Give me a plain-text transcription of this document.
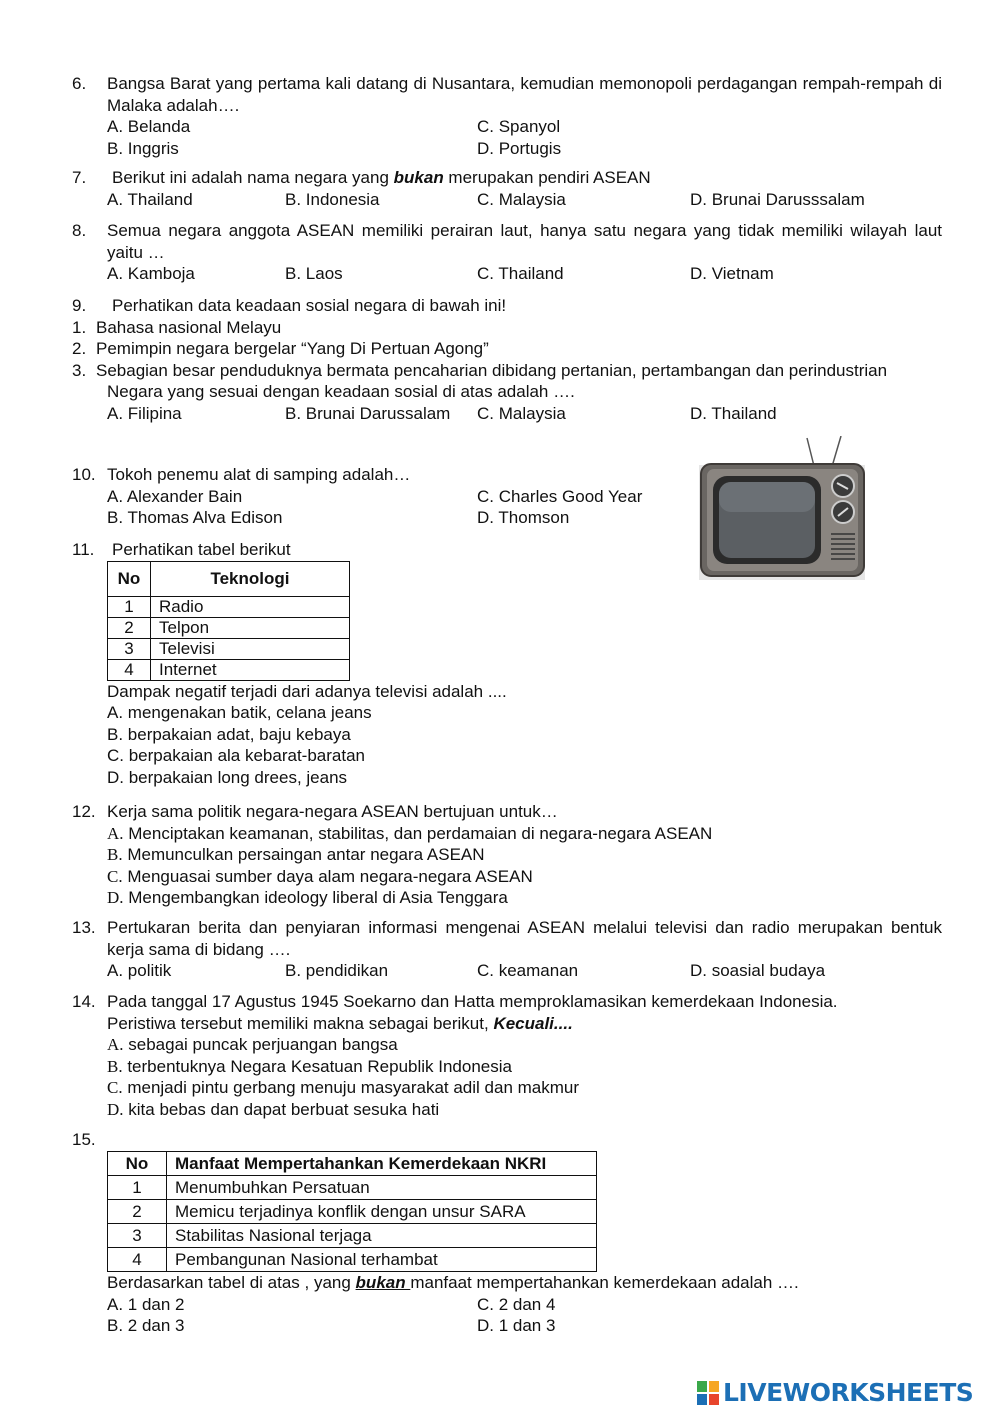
6. Bangsa Barat yang pertama kali datang di Nusantara, kemudian memonopoli perdagangan rempah-rempah di Malaka adalah….
A. Belanda
B. Inggris
C. Spanyol
D. Portugis
7. Berikut ini adalah nama negara yang bukan merupakan pendiri ASEAN
A. Thailand	B. Indonesia	C. Malaysia	D. Brunai Darusssalam
8. Semua negara anggota ASEAN memiliki perairan laut, hanya satu negara yang tidak memiliki wilayah laut yaitu …
A. Kamboja	B. Laos	C. Thailand	D. Vietnam
9. Perhatikan data keadaan sosial negara di bawah ini!
1. Bahasa nasional Melayu
2. Pemimpin negara bergelar “Yang Di Pertuan Agong”
3. Sebagian besar penduduknya bermata pencaharian dibidang pertanian, pertambangan dan perindustrian
Negara yang sesuai dengan keadaan sosial di atas adalah ….
A. Filipina	B. Brunai Darussalam C. Malaysia	D. Thailand
10. Tokoh penemu alat di samping adalah…
A. Alexander Bain
B. Thomas Alva Edison
C. Charles Good Year
D. Thomson
11. Perhatikan tabel berikut
No	Teknologi
1	Radio
2	Telpon
3	Televisi
4	Internet
Dampak negatif terjadi dari adanya televisi adalah ....
A. mengenakan batik, celana jeans
B. berpakaian adat, baju kebaya
C. berpakaian ala kebarat-baratan
D. berpakaian long drees, jeans
12. Kerja sama politik negara-negara ASEAN bertujuan untuk…
A. Menciptakan keamanan, stabilitas, dan perdamaian di negara-negara ASEAN
B. Memunculkan persaingan antar negara ASEAN
C. Menguasai sumber daya alam negara-negara ASEAN
D. Mengembangkan ideology liberal di Asia Tenggara
13. Pertukaran berita dan penyiaran informasi mengenai ASEAN melalui televisi dan radio merupakan bentuk kerja sama di bidang ….
A. politik	B. pendidikan	C. keamanan	D. soasial budaya
14. Pada tanggal 17 Agustus 1945 Soekarno dan Hatta memproklamasikan kemerdekaan Indonesia.
Peristiwa tersebut memiliki makna sebagai berikut, Kecuali....
A. sebagai puncak perjuangan bangsa
B. terbentuknya Negara Kesatuan Republik Indonesia
C. menjadi pintu gerbang menuju masyarakat adil dan makmur
D. kita bebas dan dapat berbuat sesuka hati
15.
No	Manfaat Mempertahankan Kemerdekaan NKRI
1	Menumbuhkan Persatuan
2	Memicu terjadinya konflik dengan unsur SARA
3	Stabilitas Nasional terjaga
4	Pembangunan Nasional terhambat
Berdasarkan tabel di atas , yang bukan manfaat mempertahankan kemerdekaan adalah ….
A. 1 dan 2
B. 2 dan 3
C. 2 dan 4
D. 1 dan 3
LIVEWORKSHEETS
